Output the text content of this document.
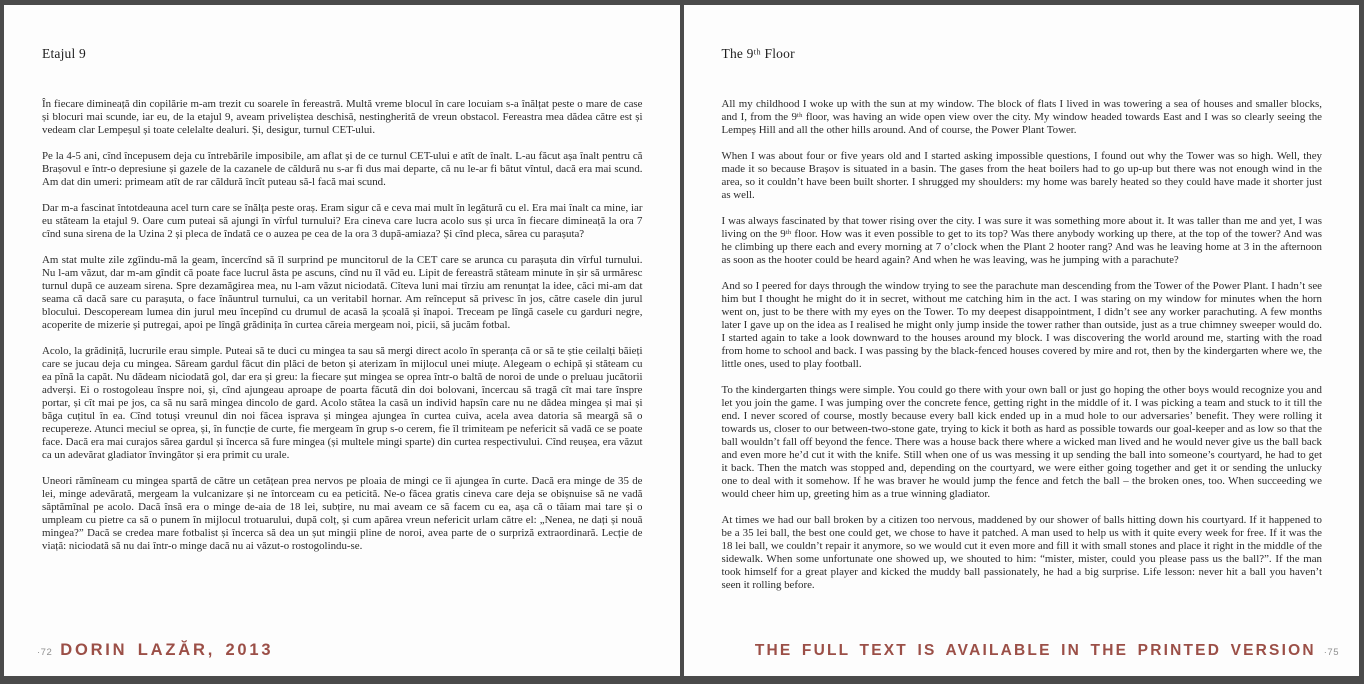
Etajul 9

În fiecare dimineață din copilărie m-am trezit cu soarele în fereastră. Multă vreme blocul în care locuiam s-a înălțat peste o mare de case și blocuri mai scunde, iar eu, de la etajul 9, aveam priveliștea deschisă, nestingherită de vreun obstacol. Fereastra mea dădea către est și vedeam clar Lempeșul și toate celelalte dealuri. Și, desigur, turnul CET-ului.

Pe la 4-5 ani, cînd începusem deja cu întrebările imposibile, am aflat și de ce turnul CET-ului e atît de înalt. L-au făcut așa înalt pentru că Brașovul e într-o depresiune și gazele de la cazanele de căldură nu s-ar fi dus mai departe, că nu le-ar fi bătut vîntul, dacă era mai scund. Am dat din umeri: primeam atît de rar căldură încît puteau să-l facă mai scund.

Dar m-a fascinat întotdeauna acel turn care se înălța peste oraș. Eram sigur că e ceva mai mult în legătură cu el. Era mai înalt ca mine, iar eu stăteam la etajul 9. Oare cum puteai să ajungi în vîrful turnului? Era cineva care lucra acolo sus și urca în fiecare dimineață la ora 7 cînd suna sirena de la Uzina 2 și pleca de îndată ce o auzea pe cea de la ora 3 după-amiaza? Și cînd pleca, sărea cu parașuta?

Am stat multe zile zgîindu-mă la geam, încercînd să îl surprind pe muncitorul de la CET care se arunca cu parașuta din vîrful turnului. Nu l-am văzut, dar m-am gîndit că poate face lucrul ăsta pe ascuns, cînd nu îl văd eu. Lipit de fereastră stăteam minute în șir să urmăresc turnul după ce auzeam sirena. Spre dezamăgirea mea, nu l-am văzut niciodată. Cîteva luni mai tîrziu am renunțat la idee, căci mi-am dat seama că dacă sare cu parașuta, o face înăuntrul turnului, ca un veritabil hornar. Am reînceput să privesc în jos, către casele din jurul blocului. Descopeream lumea din jurul meu începînd cu drumul de acasă la școală și înapoi. Treceam pe lîngă casele cu garduri negre, acoperite de mizerie și putregai, apoi pe lîngă grădinița în curtea căreia mergeam noi, picii, să jucăm fotbal.

Acolo, la grădiniță, lucrurile erau simple. Puteai să te duci cu mingea ta sau să mergi direct acolo în speranța că or să te știe ceilalți băieți care se jucau deja cu mingea. Săream gardul făcut din plăci de beton și aterizam în mijlocul unei miuțe. Alegeam o echipă și stăteam cu ea pînă la capăt. Nu dădeam niciodată gol, dar era și greu: la fiecare șut mingea se oprea într-o baltă de noroi de unde o preluau jucătorii adverși. Ei o rostogoleau înspre noi, și, cînd ajungeau aproape de poarta făcută din doi bolovani, încercau să tragă cît mai tare înspre portar, și cît mai pe jos, ca să nu sară mingea dincolo de gard. Acolo stătea la casă un individ hapsîn care nu ne dădea mingea și mai și băga cuțitul în ea. Cînd totuși vreunul din noi făcea isprava și mingea ajungea în curtea cuiva, acela avea datoria să meargă să o recupereze. Atunci meciul se oprea, și, în funcție de curte, fie mergeam în grup s-o cerem, fie îl trimiteam pe nefericit să vadă ce se poate face. Dacă era mai curajos sărea gardul și încerca să fure mingea (și multele mingi sparte) din curtea respectivului. Cînd reușea, era văzut ca un adevărat gladiator învingător și era primit cu urale.

Uneori rămîneam cu mingea spartă de către un cetățean prea nervos pe ploaia de mingi ce îi ajungea în curte. Dacă era minge de 35 de lei, minge adevărată, mergeam la vulcanizare și ne întorceam cu ea peticită. Ne-o făcea gratis cineva care deja se obișnuise să ne vadă săptămînal pe acolo. Dacă însă era o minge de-aia de 18 lei, subțire, nu mai aveam ce să facem cu ea, așa că o tăiam mai tare și o umpleam cu pietre ca să o punem în mijlocul trotuarului, după colț, și cum apărea vreun nefericit urlam către el: „Nenea, ne dați și nouă mingea?” Dacă se credea mare fotbalist și încerca să dea un șut mingii pline de noroi, avea parte de o surpriză extraordinară. Lecție de viață: niciodată să nu dai într-o minge dacă nu ai văzut-o rostogolindu-se.

·72 DORIN LAZĂR, 2013
The 9ᵗʰ Floor

All my childhood I woke up with the sun at my window. The block of flats I lived in was towering a sea of houses and smaller blocks, and I, from the 9ᵗʰ floor, was having an wide open view over the city. My window headed towards East and I was so clearly seeing the Lempeș Hill and all the other hills around. And of course, the Power Plant Tower.

When I was about four or five years old and I started asking impossible questions, I found out why the Tower was so high. Well, they made it so because Brașov is situated in a basin. The gases from the heat boilers had to go up-up but there was not enough wind in the area, so it couldn’t have been built shorter. I shrugged my shoulders: my home was barely heated so they could have made it shorter just as well.

I was always fascinated by that tower rising over the city. I was sure it was something more about it. It was taller than me and yet, I was living on the 9ᵗʰ floor. How was it even possible to get to its top? Was there anybody working up there, at the top of the tower? And was he climbing up there each and every morning at 7 o’clock when the Plant 2 hooter rang? And was he leaving home at 3 in the afternoon as soon as the hooter could be heard again? And when he was leaving, was he jumping with a parachute?

And so I peered for days through the window trying to see the parachute man descending from the Tower of the Power Plant. I hadn’t see him but I thought he might do it in secret, without me catching him in the act. I was staring on my window for minutes when the horn went on, just to be there with my eyes on the Tower. To my deepest disappointment, I didn’t see any worker parachuting. A few months later I gave up on the idea as I realised he might only jump inside the tower rather than outside, just as a true chimney sweeper would do. I started again to take a look downward to the houses around my block. I was discovering the world around me, starting with the road from home to school and back. I was passing by the black-fenced houses covered by mire and rot, then by the kindergarten where we, the little ones, used to play football.

To the kindergarten things were simple. You could go there with your own ball or just go hoping the other boys would recognize you and let you join the game. I was jumping over the concrete fence, getting right in the middle of it. I was picking a team and stuck to it till the end. I never scored of course, mostly because every ball kick ended up in a mud hole to our adversaries’ benefit. They were rolling it towards us, closer to our between-two-stone gate, trying to kick it both as hard as possible towards our goal-keeper and as low so that the ball wouldn’t fall off beyond the fence. There was a house back there where a wicked man lived and he would never give us the ball back and even more he’d cut it with the knife. Still when one of us was messing it up sending the ball into someone’s courtyard, he had to get it back. Then the match was stopped and, depending on the courtyard, we were either going together and get it or sending the unlucky one to deal with it somehow. If he was braver he would jump the fence and fetch the ball – the broken ones, too. When succeeding we would cheer him up, greeting him as a true winning gladiator.

At times we had our ball broken by a citizen too nervous, maddened by our shower of balls hitting down his courtyard. If it happened to be a 35 lei ball, the best one could get, we chose to have it patched. A man used to help us with it quite every week for free. If it was the 18 lei ball, we couldn’t repair it anymore, so we would cut it even more and fill it with small stones and place it right in the middle of the sidewalk. When some unfortunate one showed up, we shouted to him: “mister, mister, could you please pass us the ball?”. If the man took himself for a great player and kicked the muddy ball passionately, he had a big surprise. Life lesson: never hit a ball you haven’t seen it rolling before.

THE FULL TEXT IS AVAILABLE IN THE PRINTED VERSION ·75
